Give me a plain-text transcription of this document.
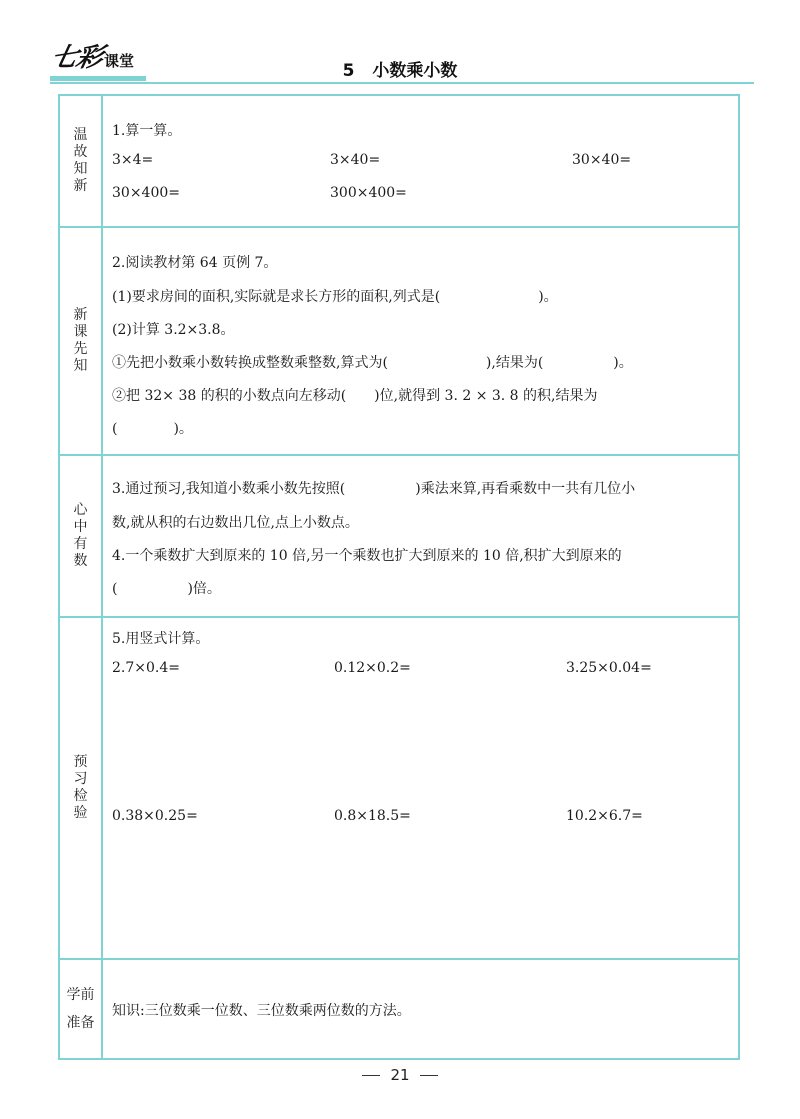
七彩 课堂	5 小数乘小数
温故知新
1.算一算。
3×4=	3×40=	30×40=
30×400=	300×400=
新课先知
2.阅读教材第 64 页例 7。
(1)要求房间的面积,实际就是求长方形的面积,列式是(　　　　　　　)。
(2)计算 3.2×3.8。
①先把小数乘小数转换成整数乘整数,算式为(　　　　　　　),结果为(　　　　　)。
②把 32× 38 的积的小数点向左移动(　　)位,就得到 3. 2 × 3. 8 的积,结果为
(　　　　)。
心中有数
3.通过预习,我知道小数乘小数先按照(　　　　　)乘法来算,再看乘数中一共有几位小
数,就从积的右边数出几位,点上小数点。
4.一个乘数扩大到原来的 10 倍,另一个乘数也扩大到原来的 10 倍,积扩大到原来的
(　　　　　)倍。
预习检验
5.用竖式计算。
2.7×0.4=	0.12×0.2=	3.25×0.04=
0.38×0.25=	0.8×18.5=	10.2×6.7=
学前准备
知识:三位数乘一位数、三位数乘两位数的方法。
21
